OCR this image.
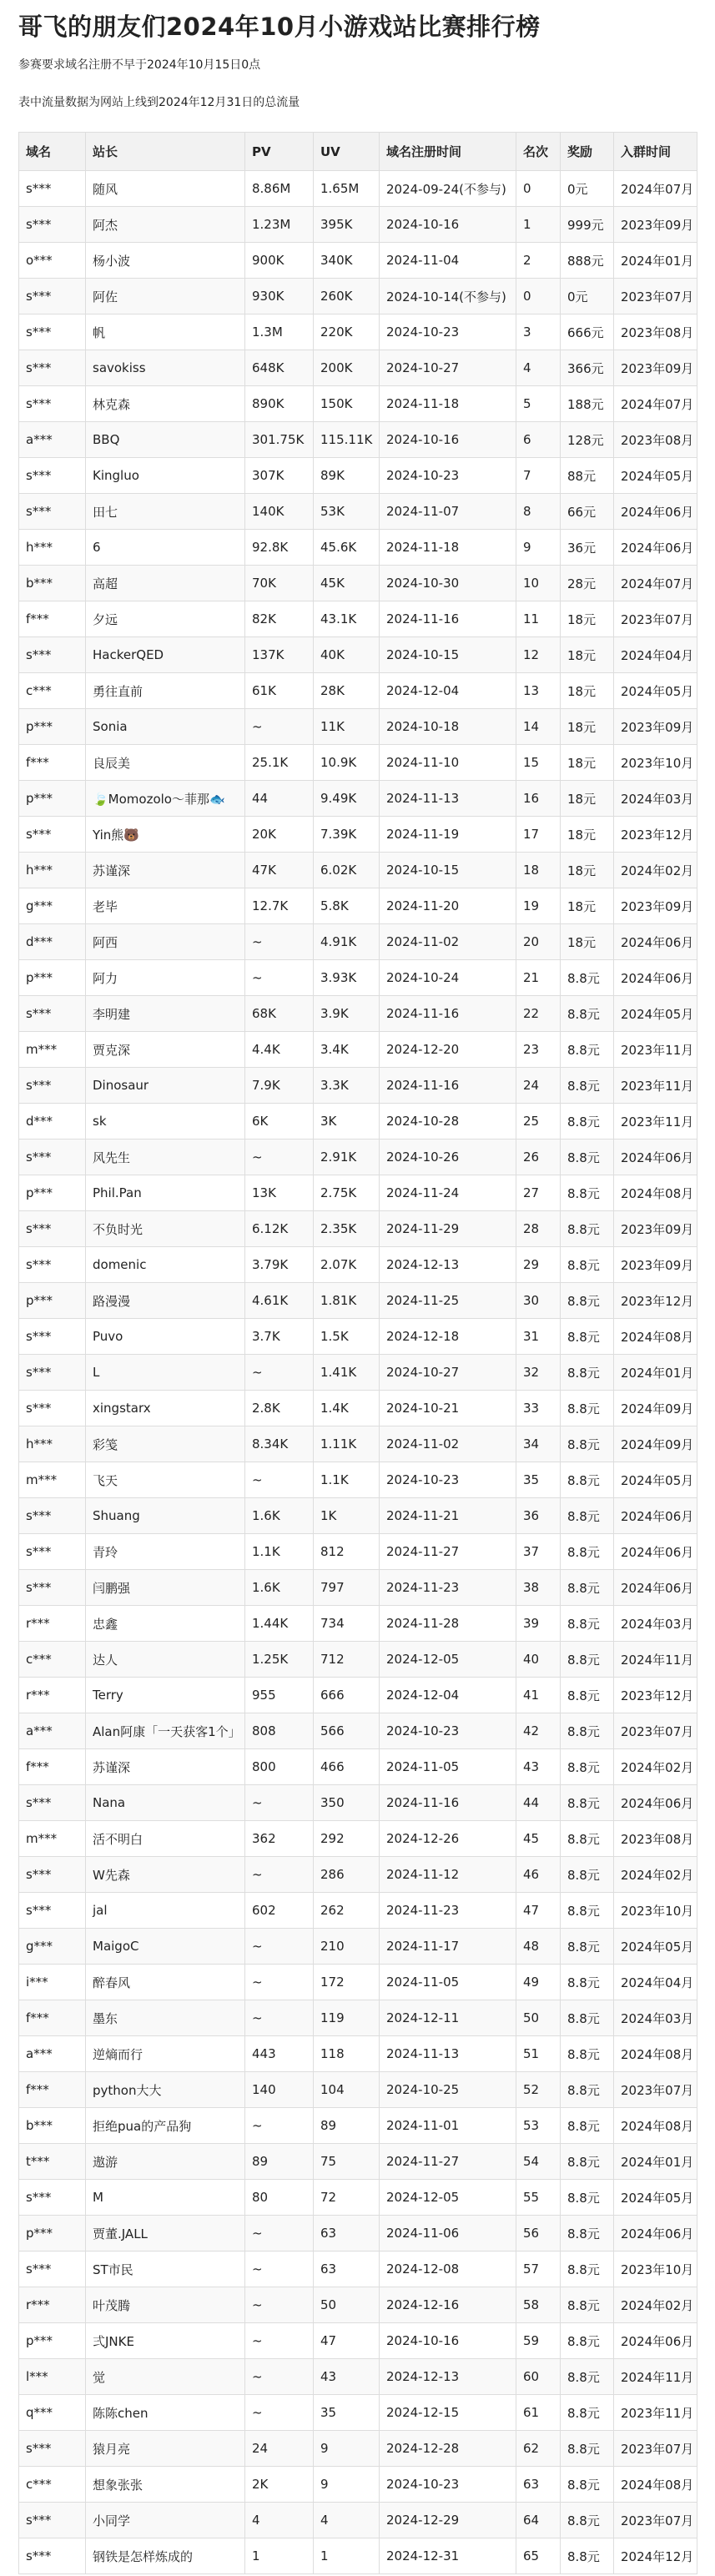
哥飞的朋友们2024年10月小游戏站比赛排行榜

参赛要求域名注册不早于2024年10月15日0点

表中流量数据为网站上线到2024年12月31日的总流量

域名	站长	PV	UV	域名注册时间	名次	奖励	入群时间
s***	随风	8.86M	1.65M	2024-09-24(不参与)	0	0元	2024年07月
s***	阿杰	1.23M	395K	2024-10-16	1	999元	2023年09月
o***	杨小波	900K	340K	2024-11-04	2	888元	2024年01月
s***	阿佐	930K	260K	2024-10-14(不参与)	0	0元	2023年07月
s***	帆	1.3M	220K	2024-10-23	3	666元	2023年08月
s***	savokiss	648K	200K	2024-10-27	4	366元	2023年09月
s***	林克森	890K	150K	2024-11-18	5	188元	2024年07月
a***	BBQ	301.75K	115.11K	2024-10-16	6	128元	2023年08月
s***	Kingluo	307K	89K	2024-10-23	7	88元	2024年05月
s***	田七	140K	53K	2024-11-07	8	66元	2024年06月
h***	6	92.8K	45.6K	2024-11-18	9	36元	2024年06月
b***	高超	70K	45K	2024-10-30	10	28元	2024年07月
f***	夕远	82K	43.1K	2024-11-16	11	18元	2023年07月
s***	HackerQED	137K	40K	2024-10-15	12	18元	2024年04月
c***	勇往直前	61K	28K	2024-12-04	13	18元	2024年05月
p***	Sonia	~	11K	2024-10-18	14	18元	2023年09月
f***	良辰美	25.1K	10.9K	2024-11-10	15	18元	2023年10月
p***	🍃Momozolo～菲那🐟	44	9.49K	2024-11-13	16	18元	2024年03月
s***	Yin熊🐻	20K	7.39K	2024-11-19	17	18元	2023年12月
h***	苏谨深	47K	6.02K	2024-10-15	18	18元	2024年02月
g***	老毕	12.7K	5.8K	2024-11-20	19	18元	2023年09月
d***	阿西	~	4.91K	2024-11-02	20	18元	2024年06月
p***	阿力	~	3.93K	2024-10-24	21	8.8元	2024年06月
s***	李明建	68K	3.9K	2024-11-16	22	8.8元	2024年05月
m***	贾克深	4.4K	3.4K	2024-12-20	23	8.8元	2023年11月
s***	Dinosaur	7.9K	3.3K	2024-11-16	24	8.8元	2023年11月
d***	sk	6K	3K	2024-10-28	25	8.8元	2023年11月
s***	风先生	~	2.91K	2024-10-26	26	8.8元	2024年06月
p***	Phil.Pan	13K	2.75K	2024-11-24	27	8.8元	2024年08月
s***	不负时光	6.12K	2.35K	2024-11-29	28	8.8元	2023年09月
s***	domenic	3.79K	2.07K	2024-12-13	29	8.8元	2023年09月
p***	路漫漫	4.61K	1.81K	2024-11-25	30	8.8元	2023年12月
s***	Puvo	3.7K	1.5K	2024-12-18	31	8.8元	2024年08月
s***	L	~	1.41K	2024-10-27	32	8.8元	2024年01月
s***	xingstarx	2.8K	1.4K	2024-10-21	33	8.8元	2024年09月
h***	彩笺	8.34K	1.11K	2024-11-02	34	8.8元	2024年09月
m***	飞天	~	1.1K	2024-10-23	35	8.8元	2024年05月
s***	Shuang	1.6K	1K	2024-11-21	36	8.8元	2024年06月
s***	青玲	1.1K	812	2024-11-27	37	8.8元	2024年06月
s***	闫鹏强	1.6K	797	2024-11-23	38	8.8元	2024年06月
r***	忠鑫	1.44K	734	2024-11-28	39	8.8元	2024年03月
c***	达人	1.25K	712	2024-12-05	40	8.8元	2024年11月
r***	Terry	955	666	2024-12-04	41	8.8元	2023年12月
a***	Alan阿康「一天获客1个」	808	566	2024-10-23	42	8.8元	2023年07月
f***	苏谨深	800	466	2024-11-05	43	8.8元	2024年02月
s***	Nana	~	350	2024-11-16	44	8.8元	2024年06月
m***	活不明白	362	292	2024-12-26	45	8.8元	2023年08月
s***	W先森	~	286	2024-11-12	46	8.8元	2024年02月
s***	jal	602	262	2024-11-23	47	8.8元	2023年10月
g***	MaigoC	~	210	2024-11-17	48	8.8元	2024年05月
i***	醉春风	~	172	2024-11-05	49	8.8元	2024年04月
f***	墨东	~	119	2024-12-11	50	8.8元	2024年03月
a***	逆熵而行	443	118	2024-11-13	51	8.8元	2024年08月
f***	python大大	140	104	2024-10-25	52	8.8元	2023年07月
b***	拒绝pua的产品狗	~	89	2024-11-01	53	8.8元	2024年08月
t***	遨游	89	75	2024-11-27	54	8.8元	2024年01月
s***	M	80	72	2024-12-05	55	8.8元	2024年05月
p***	贾董.JALL	~	63	2024-11-06	56	8.8元	2024年06月
s***	ST市民	~	63	2024-12-08	57	8.8元	2023年10月
r***	叶茂腾	~	50	2024-12-16	58	8.8元	2024年02月
p***	弍JNKE	~	47	2024-10-16	59	8.8元	2024年06月
l***	觉	~	43	2024-12-13	60	8.8元	2024年11月
q***	陈陈chen	~	35	2024-12-15	61	8.8元	2023年11月
s***	猿月亮	24	9	2024-12-28	62	8.8元	2023年07月
c***	想象张张	2K	9	2024-10-23	63	8.8元	2024年08月
s***	小同学	4	4	2024-12-29	64	8.8元	2023年07月
s***	钢铁是怎样炼成的	1	1	2024-12-31	65	8.8元	2024年12月
